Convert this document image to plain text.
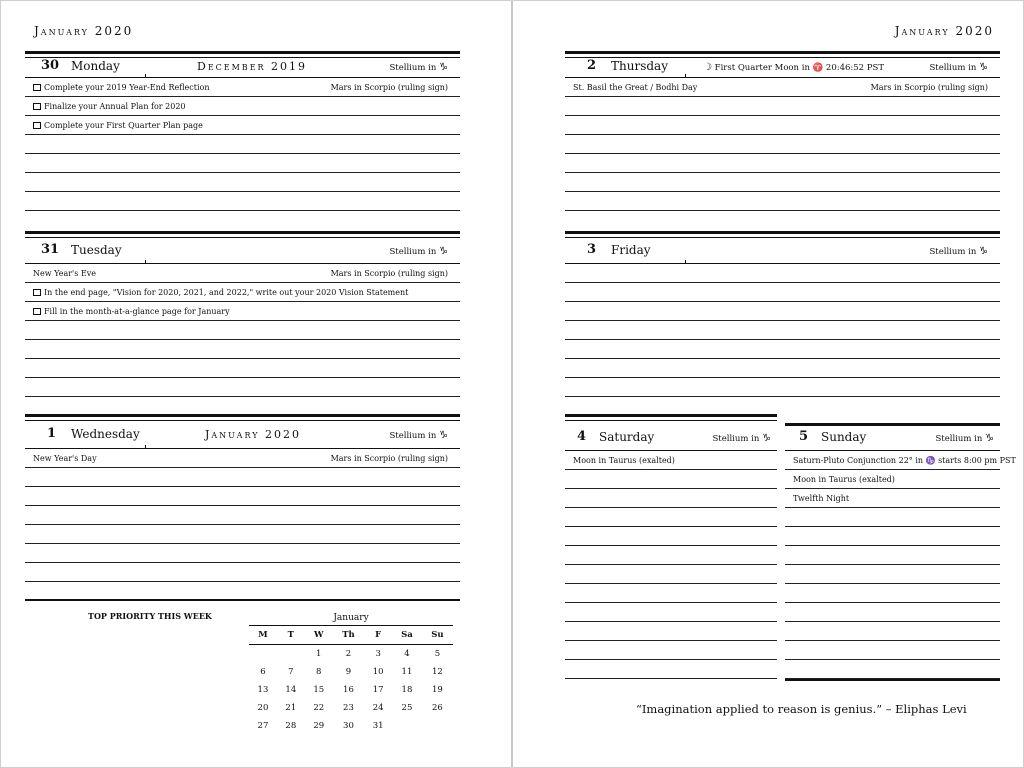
January 2020
30 Monday	December 2019	Stellium in ♑
Complete your 2019 Year-End Reflection	Mars in Scorpio (ruling sign)
Finalize your Annual Plan for 2020
Complete your First Quarter Plan page
31 Tuesday	Stellium in ♑
New Year's Eve	Mars in Scorpio (ruling sign)
In the end page, "Vision for 2020, 2021, and 2022," write out your 2020 Vision Statement
Fill in the month-at-a-glance page for January
1 Wednesday	January 2020	Stellium in ♑
New Year's Day	Mars in Scorpio (ruling sign)
TOP PRIORITY THIS WEEK	January
M	T	W	Th	F	Sa	Su
		1	2	3	4	5
6	7	8	9	10	11	12
13	14	15	16	17	18	19
20	21	22	23	24	25	26
27	28	29	30	31		
January 2020
2 Thursday	☽ First Quarter Moon in ♈ 20:46:52 PST	Stellium in ♑
St. Basil the Great / Bodhi Day	Mars in Scorpio (ruling sign)
3 Friday	Stellium in ♑
4 Saturday	Stellium in ♑
Moon in Taurus (exalted)
5 Sunday	Stellium in ♑
Saturn-Pluto Conjunction 22° in ♑ starts 8:00 pm PST
Moon in Taurus (exalted)
Twelfth Night
“Imagination applied to reason is genius.” – Eliphas Levi
